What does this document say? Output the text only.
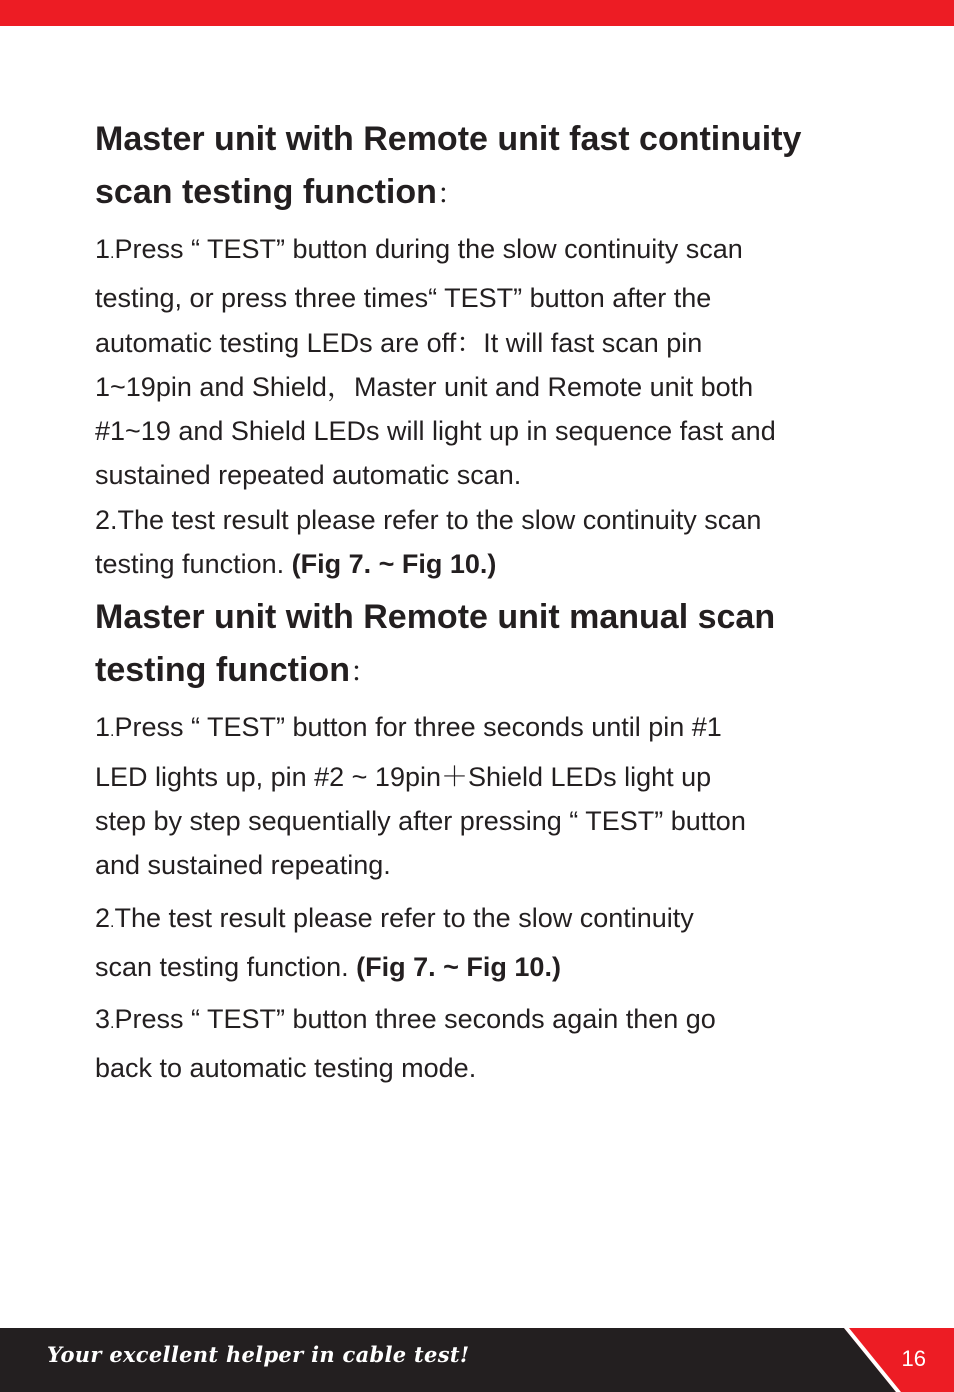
Master unit with Remote unit fast continuity scan testing function：

1.Press “ TEST” button during the slow continuity scan

testing, or press three times“ TEST” button after the

automatic testing LEDs are off：It will fast scan pin

1~19pin and Shield，Master unit and Remote unit both

#1~19 and Shield LEDs will light up in sequence fast and

sustained repeated automatic scan.

2.The test result please refer to the slow continuity scan

testing function. (Fig 7. ~ Fig 10.)

Master unit with Remote unit manual scan testing function：

1.Press “ TEST” button for three seconds until pin #1

LED lights up, pin #2 ~ 19pin＋Shield LEDs light up

step by step sequentially after pressing “ TEST” button

and sustained repeating.

2.The test result please refer to the slow continuity

scan testing function. (Fig 7. ~ Fig 10.)

3.Press “ TEST” button three seconds again then go

back to automatic testing mode.

Your excellent helper in cable test!	16
